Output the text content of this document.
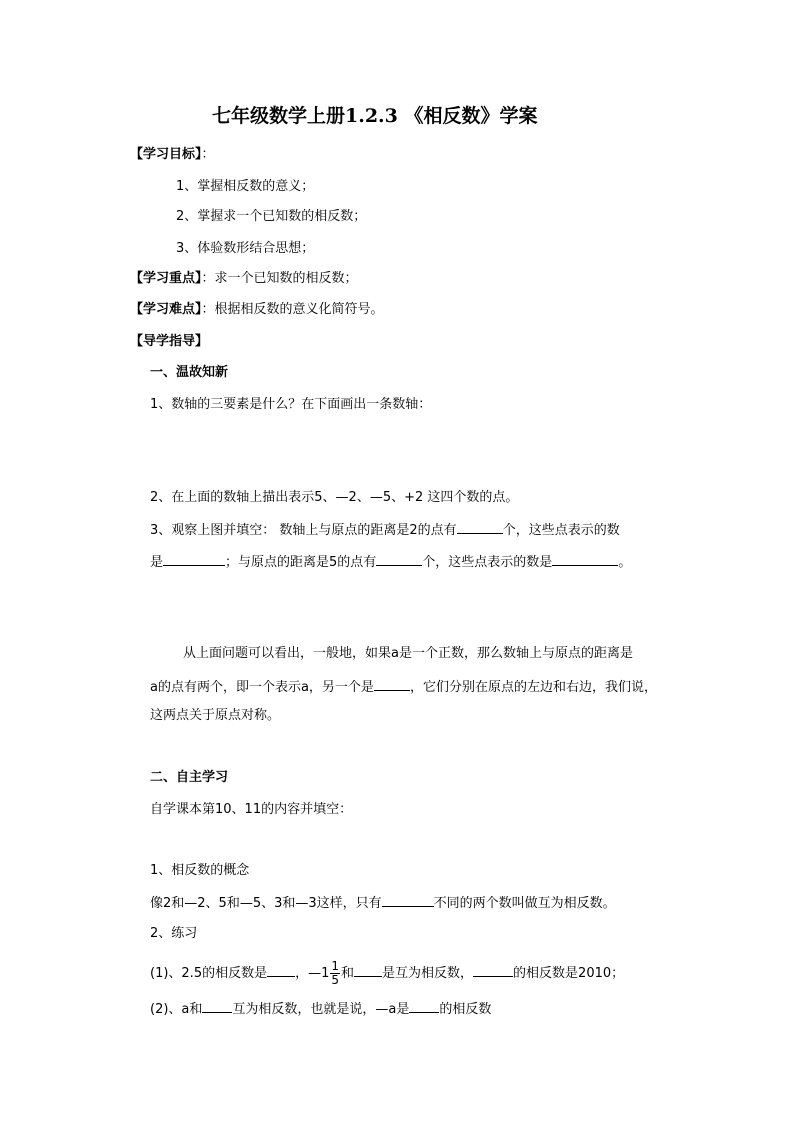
七年级数学上册1.2.3 《相反数》学案
【学习目标】：
1、掌握相反数的意义；
2、掌握求一个已知数的相反数；
3、体验数形结合思想；
【学习重点】：求一个已知数的相反数；
【学习难点】：根据相反数的意义化简符号。
【导学指导】
一、温故知新
1、数轴的三要素是什么？在下面画出一条数轴：
2、在上面的数轴上描出表示5、—2、—5、+2 这四个数的点。
3、观察上图并填空： 数轴上与原点的距离是2的点有	个，这些点表示的数
是	；与原点的距离是5的点有	个，这些点表示的数是	。
从上面问题可以看出，一般地，如果a是一个正数，那么数轴上与原点的距离是
a的点有两个，即一个表示a，另一个是	，它们分别在原点的左边和右边，我们说，
这两点关于原点对称。
二、自主学习
自学课本第10、11的内容并填空：
1、相反数的概念
像2和—2、5和—5、3和—3这样，只有	不同的两个数叫做互为相反数。
2、练习
(1)、2.5的相反数是 ，—1 $\frac{1}{5}$ 和 是互为相反数，	的相反数是2010；
(2)、a和 互为相反数，也就是说，—a是 的相反数
